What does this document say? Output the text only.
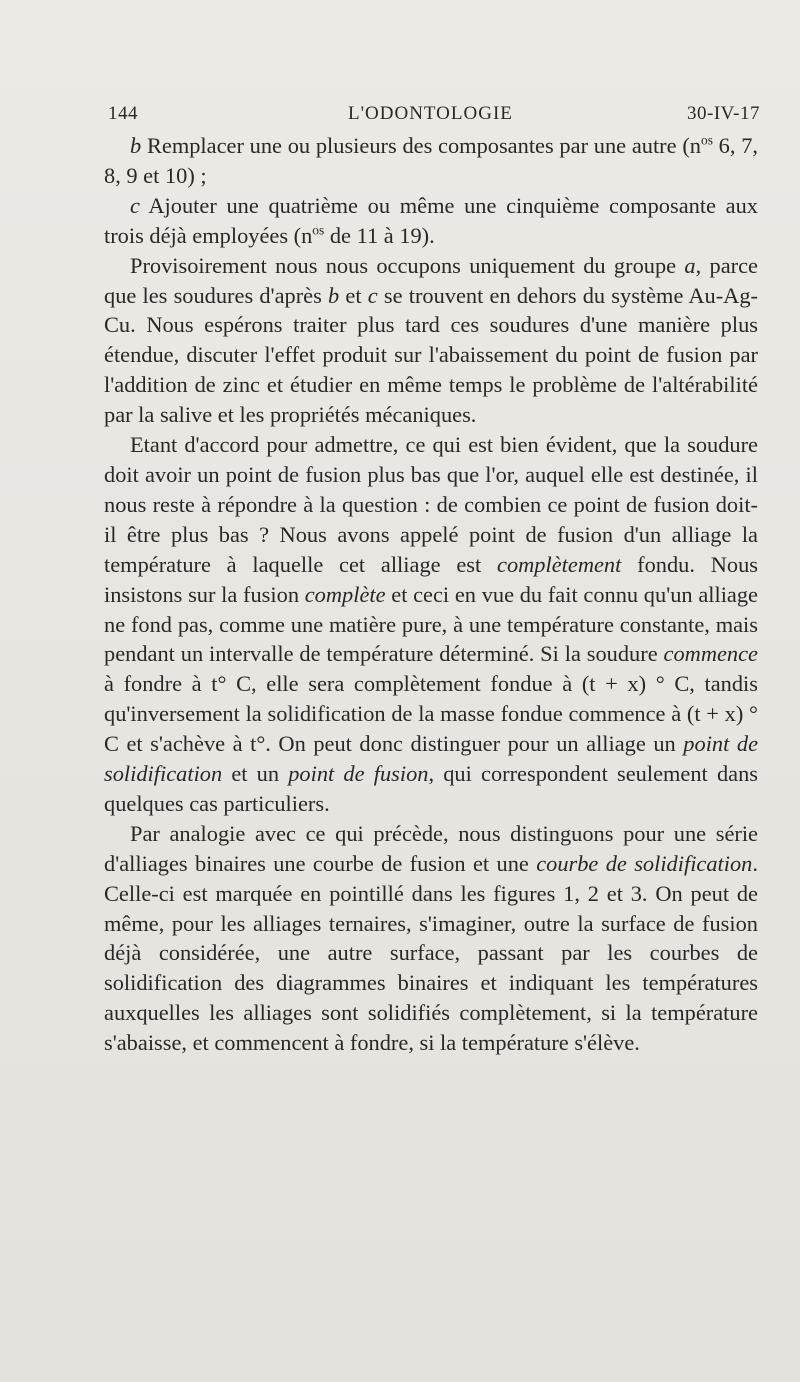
144	L'ODONTOLOGIE	30-IV-17

b Remplacer une ou plusieurs des composantes par une autre ($n^{os}$ 6, 7, 8, 9 et 10) ;

c Ajouter une quatrième ou même une cinquième composante aux trois déjà employées ($n^{os}$ de 11 à 19).

Provisoirement nous nous occupons uniquement du groupe a, parce que les soudures d'après b et c se trouvent en dehors du système Au-Ag-Cu. Nous espérons traiter plus tard ces soudures d'une manière plus étendue, discuter l'effet produit sur l'abaissement du point de fusion par l'addition de zinc et étudier en même temps le problème de l'altérabilité par la salive et les propriétés mécaniques.

Etant d'accord pour admettre, ce qui est bien évident, que la soudure doit avoir un point de fusion plus bas que l'or, auquel elle est destinée, il nous reste à répondre à la question : de combien ce point de fusion doit-il être plus bas ? Nous avons appelé point de fusion d'un alliage la température à laquelle cet alliage est complètement fondu. Nous insistons sur la fusion complète et ceci en vue du fait connu qu'un alliage ne fond pas, comme une matière pure, à une température constante, mais pendant un intervalle de température déterminé. Si la soudure commence à fondre à t° C, elle sera complètement fondue à (t + x) ° C, tandis qu'inversement la solidification de la masse fondue commence à (t + x) ° C et s'achève à t°. On peut donc distinguer pour un alliage un point de solidification et un point de fusion, qui correspondent seulement dans quelques cas particuliers.

Par analogie avec ce qui précède, nous distinguons pour une série d'alliages binaires une courbe de fusion et une courbe de solidification. Celle-ci est marquée en pointillé dans les figures 1, 2 et 3. On peut de même, pour les alliages ternaires, s'imaginer, outre la surface de fusion déjà considérée, une autre surface, passant par les courbes de solidification des diagrammes binaires et indiquant les températures auxquelles les alliages sont solidifiés complètement, si la température s'abaisse, et commencent à fondre, si la température s'élève.
